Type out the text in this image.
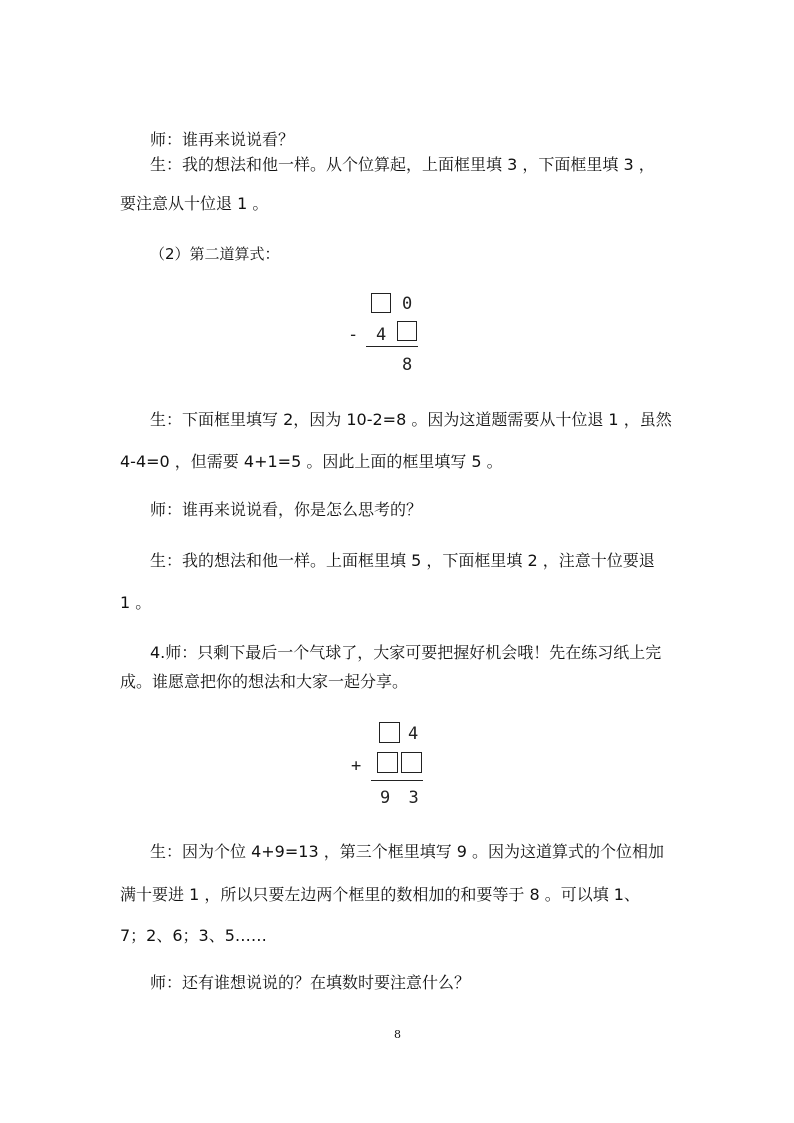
师：谁再来说说看？
生：我的想法和他一样。从个位算起，上面框里填 3 ，下面框里填 3 ，
要注意从十位退 1 。
（2）第二道算式：
0
- 4
8
生：下面框里填写 2，因为 10-2=8 。因为这道题需要从十位退 1 ，虽然
4-4=0 ，但需要 4+1=5 。因此上面的框里填写 5 。
师：谁再来说说看，你是怎么思考的？
生：我的想法和他一样。上面框里填 5 ，下面框里填 2 ，注意十位要退
1 。
4.师：只剩下最后一个气球了，大家可要把握好机会哦！先在练习纸上完
成。谁愿意把你的想法和大家一起分享。
4
+
9 3
生：因为个位 4+9=13 ，第三个框里填写 9 。因为这道算式的个位相加
满十要进 1 ，所以只要左边两个框里的数相加的和要等于 8 。可以填 1、
7；2、6；3、5……
师：还有谁想说说的？在填数时要注意什么？
8
